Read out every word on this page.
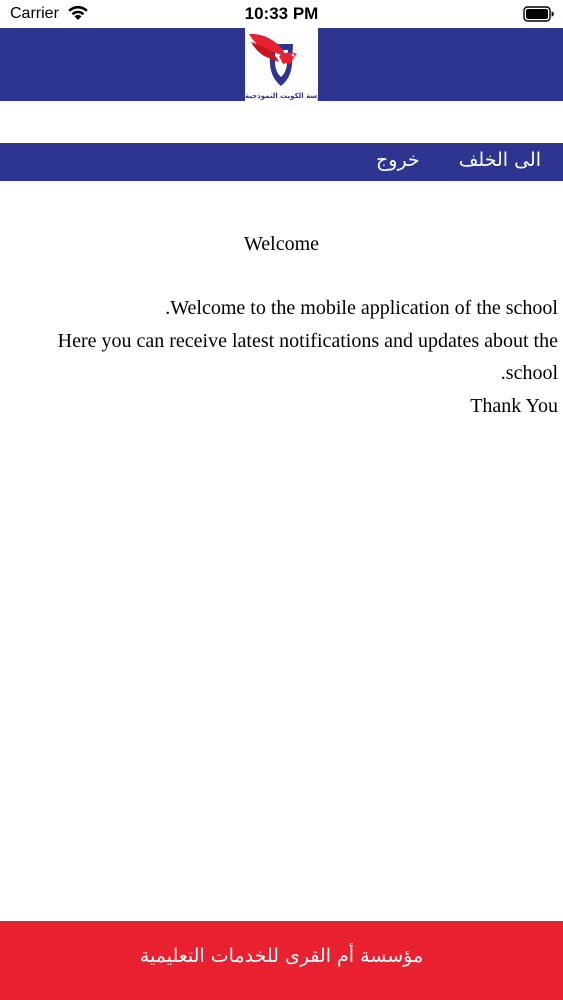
Carrier	10:33 PM
مدرسة الكويت النموذجية
الى الخلف
خروج
Welcome
.Welcome to the mobile application of the school
Here you can receive latest notifications and updates about the
.school
Thank You
مؤسسة أم القرى للخدمات التعليمية
